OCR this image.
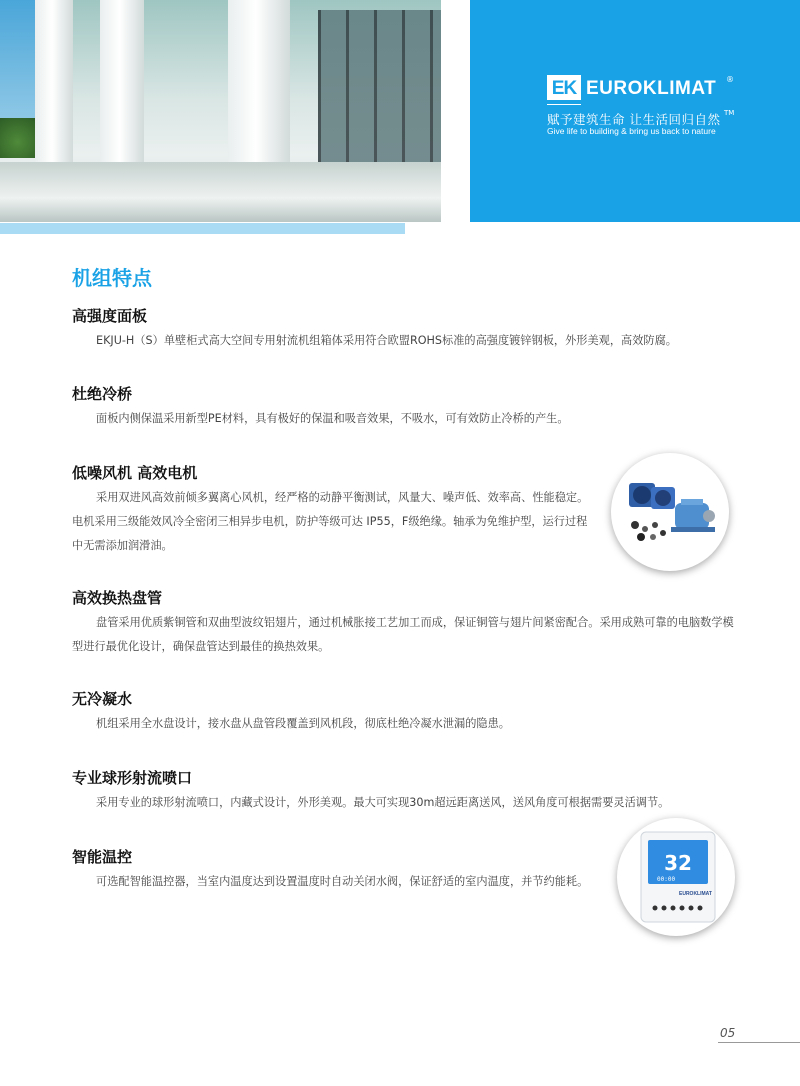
EK EUROKLIMAT ®
赋予建筑生命 让生活回归自然 TM
Give life to building & bring us back to nature
机组特点
高强度面板
EKJU-H（S）单壁柜式高大空间专用射流机组箱体采用符合欧盟ROHS标准的高强度镀锌钢板，外形美观，高效防腐。
杜绝冷桥
面板内侧保温采用新型PE材料，具有极好的保温和吸音效果，不吸水，可有效防止冷桥的产生。
低噪风机 高效电机
采用双进风高效前倾多翼离心风机，经严格的动静平衡测试，风量大、噪声低、效率高、性能稳定。电机采用三级能效风冷全密闭三相异步电机，防护等级可达 IP55，F级绝缘。轴承为免维护型，运行过程中无需添加润滑油。
高效换热盘管
盘管采用优质紫铜管和双曲型波纹铝翅片，通过机械胀接工艺加工而成，保证铜管与翅片间紧密配合。采用成熟可靠的电脑数学模型进行最优化设计，确保盘管达到最佳的换热效果。
无冷凝水
机组采用全水盘设计，接水盘从盘管段覆盖到风机段，彻底杜绝冷凝水泄漏的隐患。
专业球形射流喷口
采用专业的球形射流喷口，内藏式设计，外形美观。最大可实现30m超远距离送风，送风角度可根据需要灵活调节。
智能温控
可选配智能温控器，当室内温度达到设置温度时自动关闭水阀，保证舒适的室内温度，并节约能耗。
32
00:00
EUROKLIMAT
05
